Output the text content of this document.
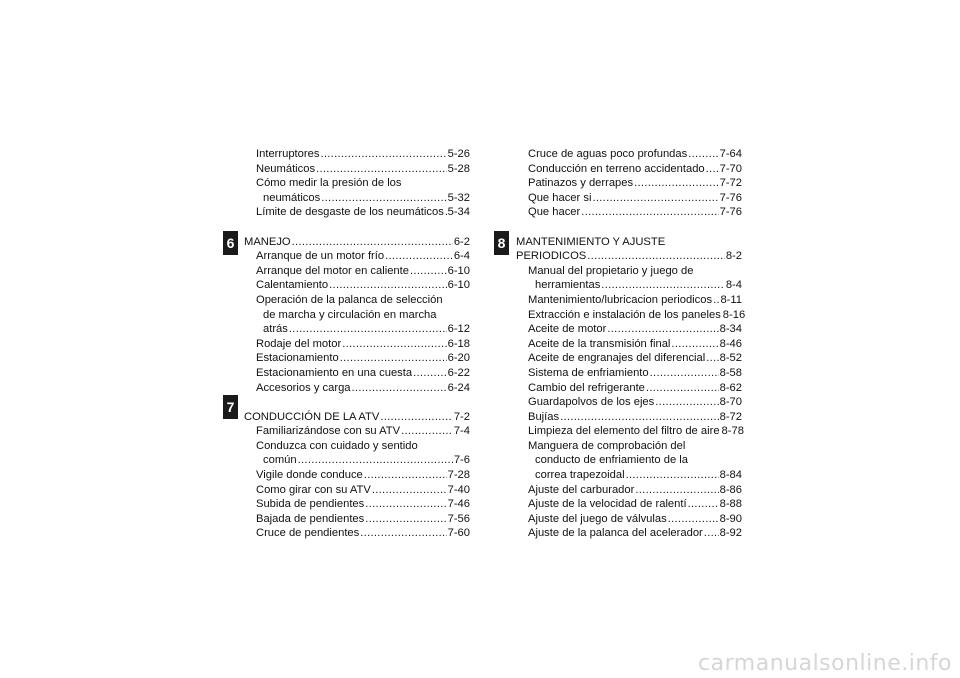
6
7
8
Interruptores .....	5-26
Neumáticos .....	5-28
Cómo medir la presión de los
neumáticos .....	5-32
Límite de desgaste de los neumáticos ..... 5-34
MANEJO .....	6-2
Arranque de un motor frío .....	6-4
Arranque del motor en caliente .....	6-10
Calentamiento .....	6-10
Operación de la palanca de selección
de marcha y circulación en marcha
atrás .....	6-12
Rodaje del motor .....	6-18
Estacionamiento .....	6-20
Estacionamiento en una cuesta .....	6-22
Accesorios y carga .....	6-24
CONDUCCIÓN DE LA ATV .....	7-2
Familiarizándose con su ATV .....	7-4
Conduzca con cuidado y sentido
común .....	7-6
Vigile donde conduce .....	7-28
Como girar con su ATV .....	7-40
Subida de pendientes .....	7-46
Bajada de pendientes .....	7-56
Cruce de pendientes .....	7-60
Cruce de aguas poco profundas .....	7-64
Conducción en terreno accidentado ..... 7-70
Patinazos y derrapes .....	7-72
Que hacer si .....	7-76
Que hacer .....	7-76
MANTENIMIENTO Y AJUSTE
PERIODICOS .....	8-2
Manual del propietario y juego de
herramientas .....	8-4
Mantenimiento/lubricacion periodicos ..... 8-11
Extracción e instalación de los paneles 8-16
Aceite de motor .....	8-34
Aceite de la transmisión final .....	8-46
Aceite de engranajes del diferencial ..... 8-52
Sistema de enfriamiento .....	8-58
Cambio del refrigerante .....	8-62
Guardapolvos de los ejes .....	8-70
Bujías .....	8-72
Limpieza del elemento del filtro de aire 8-78
Manguera de comprobación del
conducto de enfriamiento de la
correa trapezoidal .....	8-84
Ajuste del carburador .....	8-86
Ajuste de la velocidad de ralentí .....	8-88
Ajuste del juego de válvulas .....	8-90
Ajuste de la palanca del acelerador ..... 8-92
carmanualsonline.info
